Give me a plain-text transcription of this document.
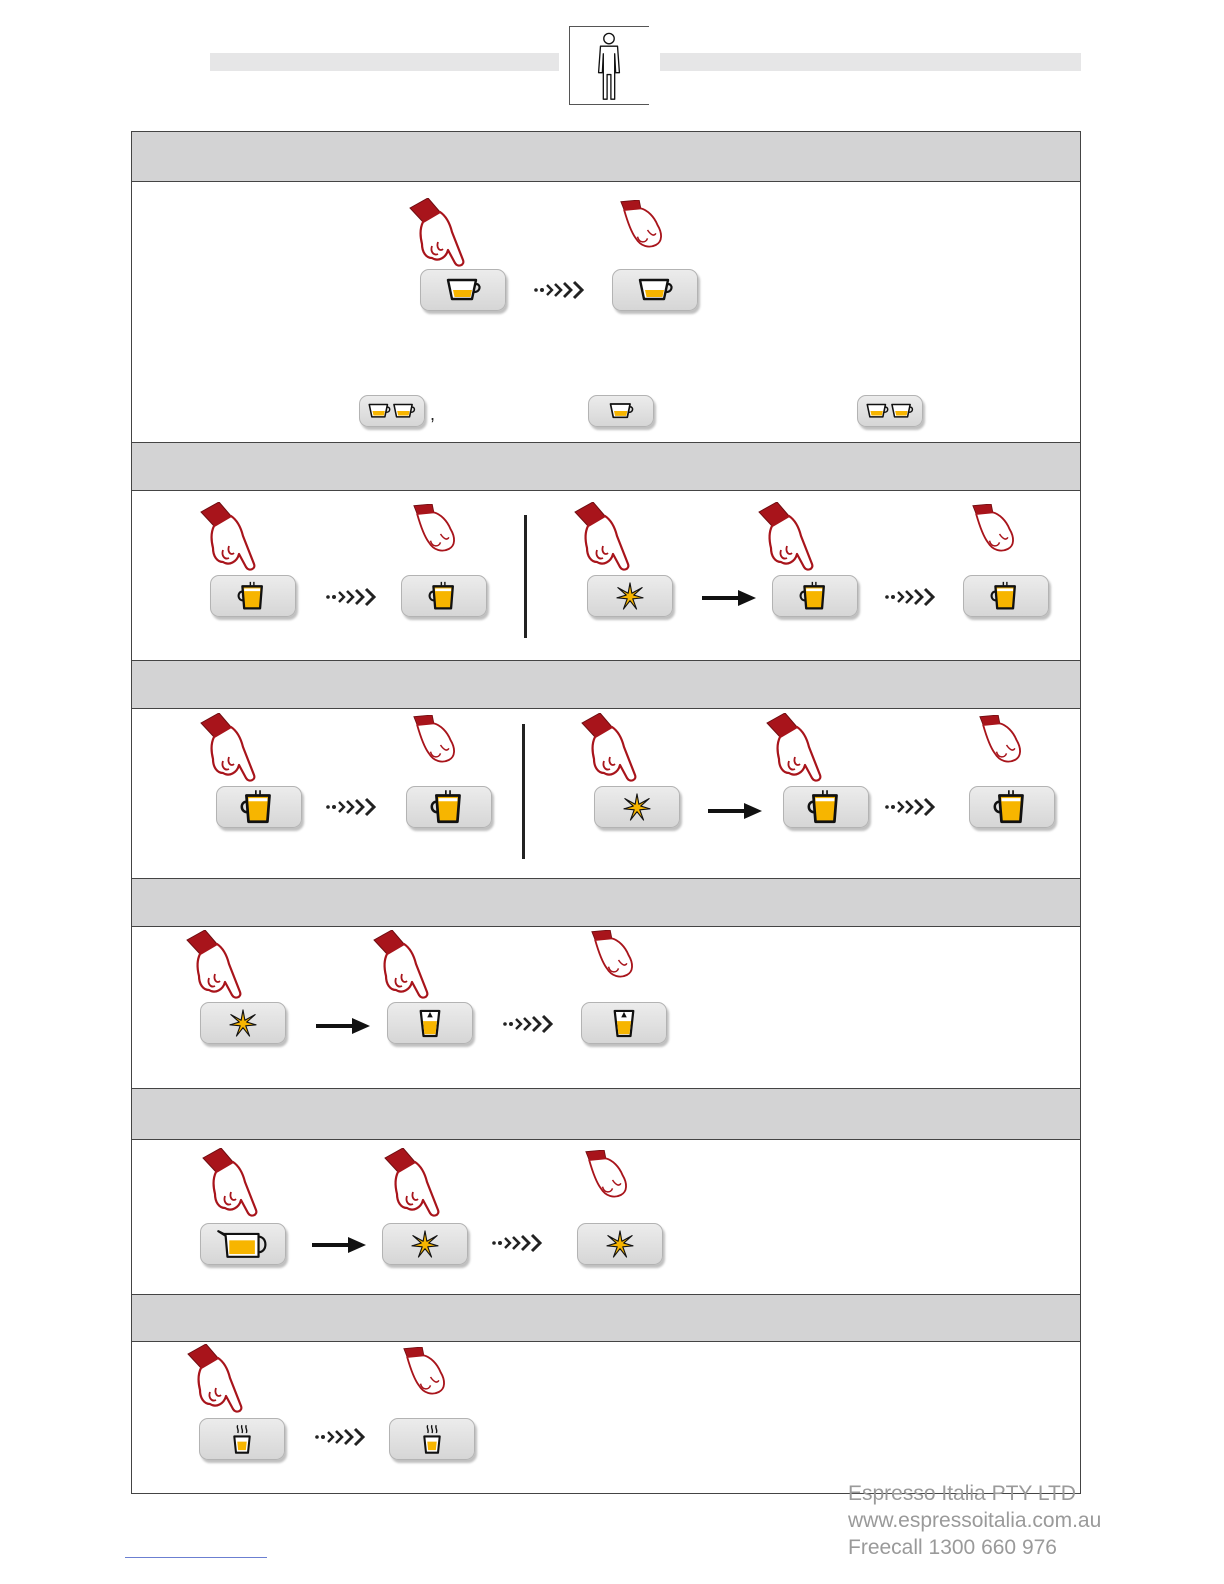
,
Espresso Italia PTY LTD
www.espressoitalia.com.au
Freecall 1300 660 976
